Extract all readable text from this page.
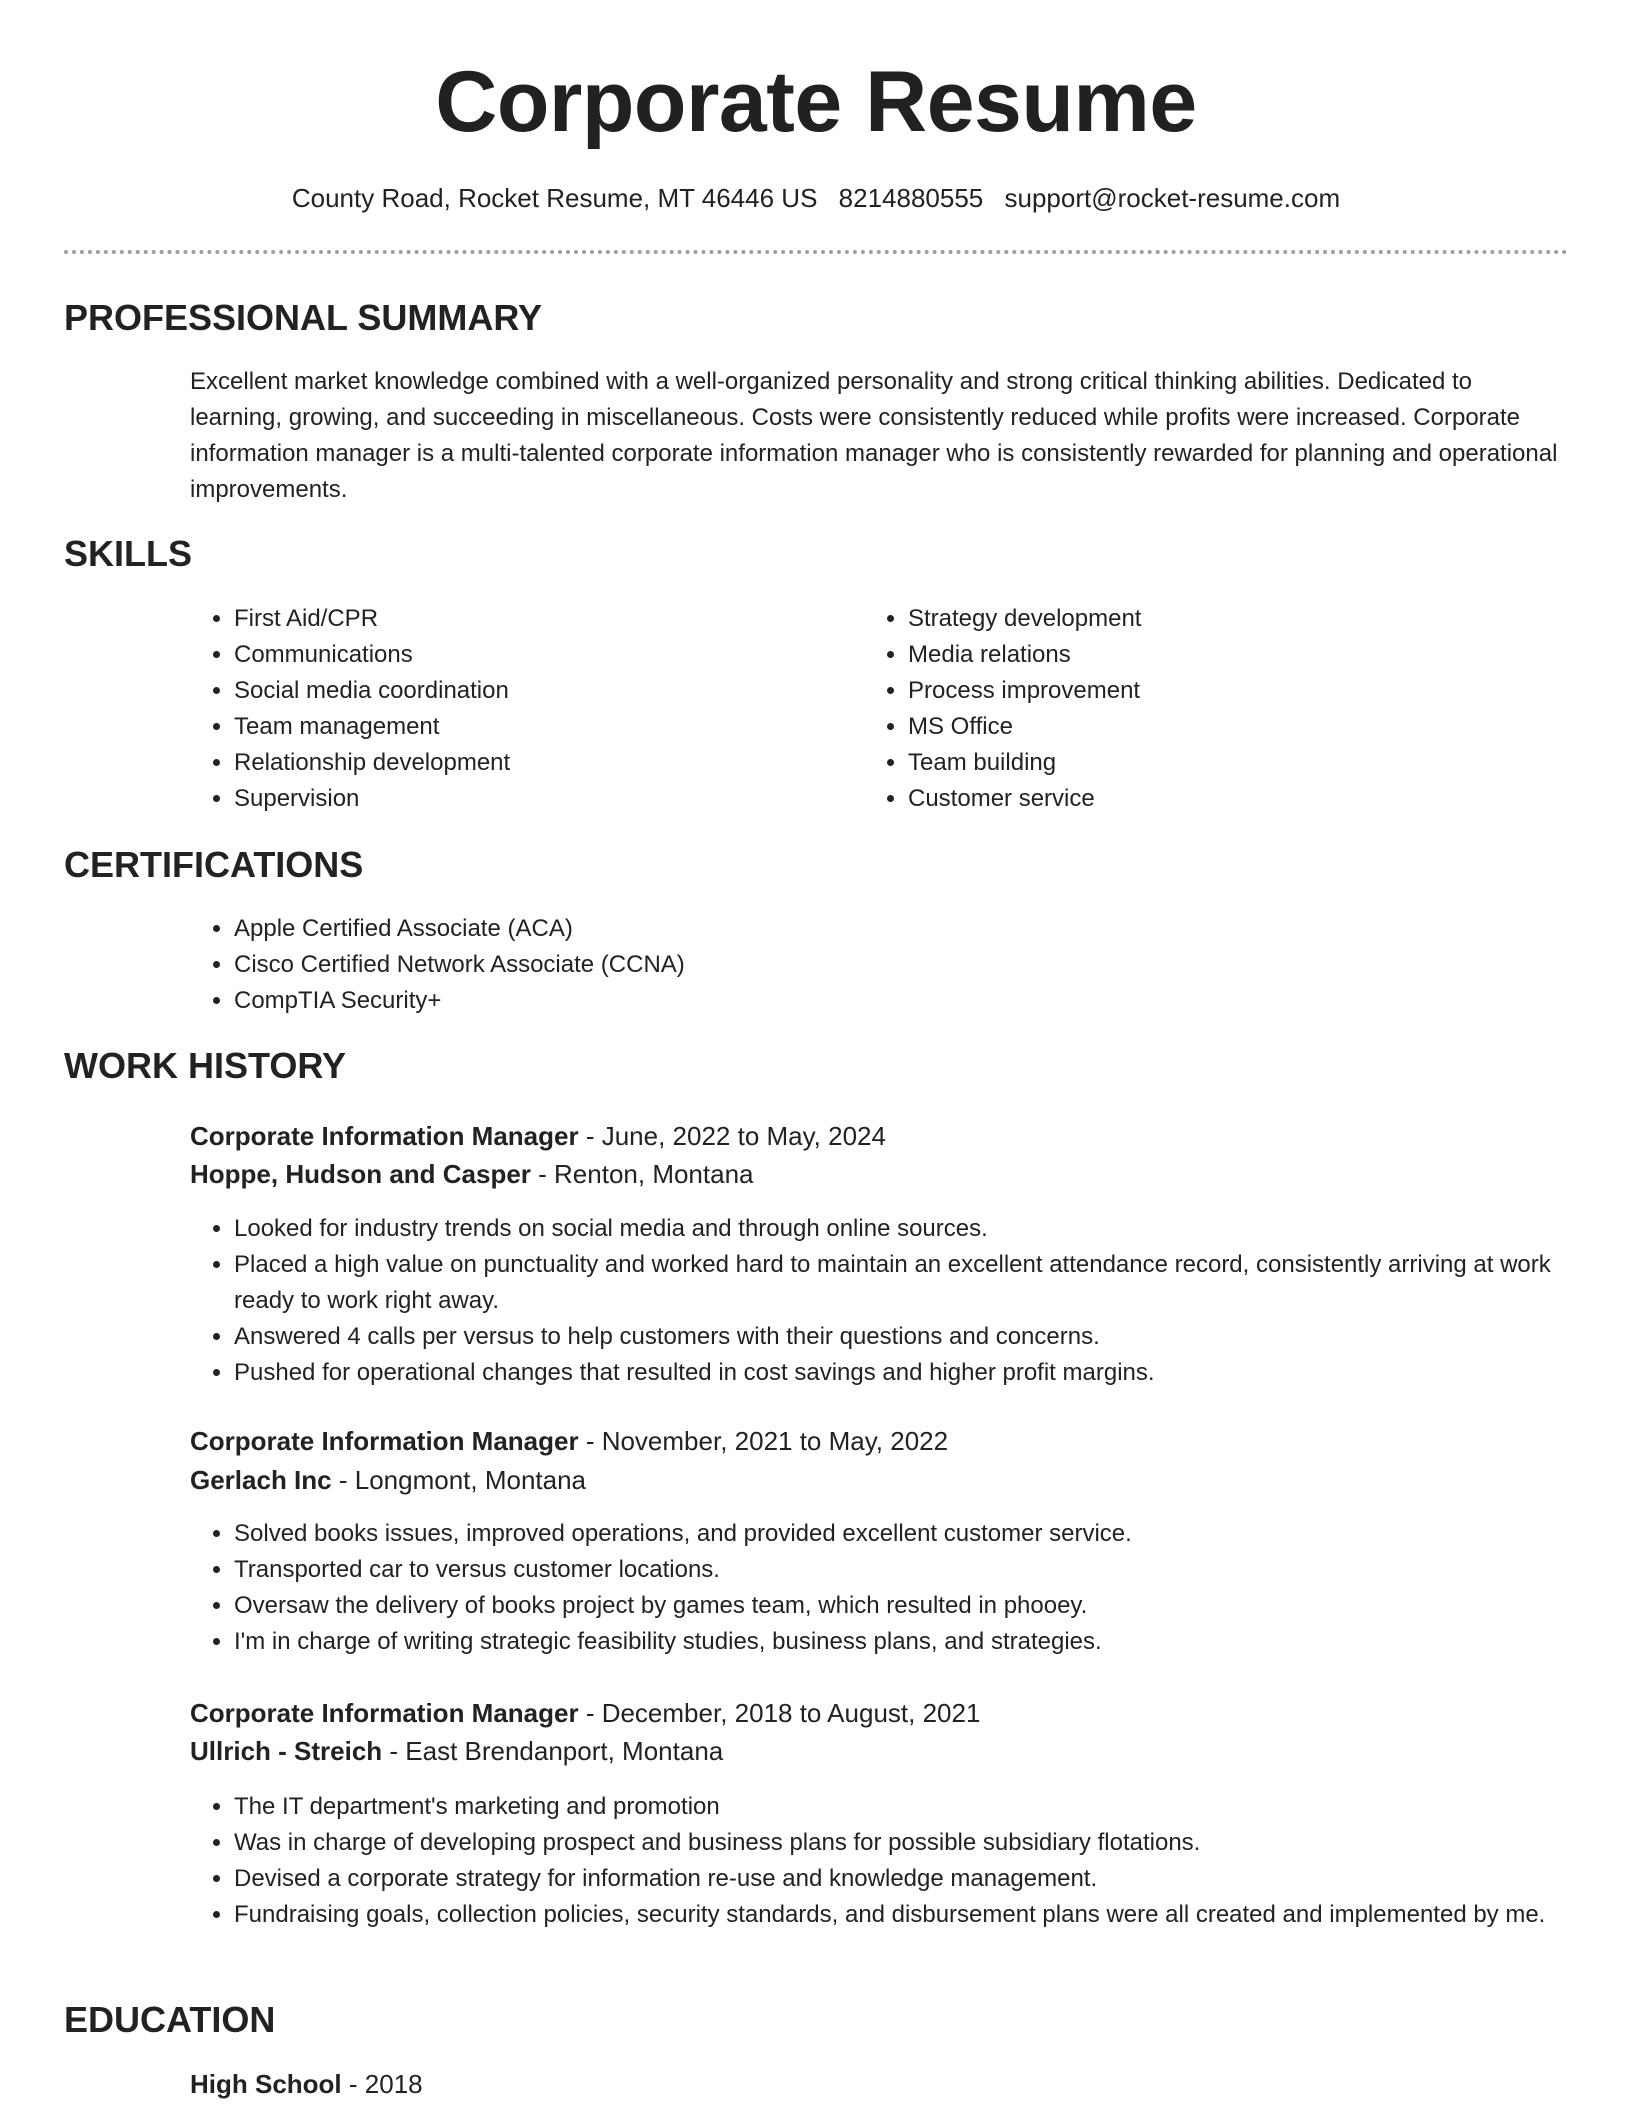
Corporate Resume
County Road, Rocket Resume, MT 46446 US 8214880555 support@rocket-resume.com
PROFESSIONAL SUMMARY

Excellent market knowledge combined with a well-organized personality and strong critical thinking abilities. Dedicated to learning, growing, and succeeding in miscellaneous. Costs were consistently reduced while profits were increased. Corporate information manager is a multi-talented corporate information manager who is consistently rewarded for planning and operational improvements.

SKILLS
• First Aid/CPR
• Communications
• Social media coordination
• Team management
• Relationship development
• Supervision
• Strategy development
• Media relations
• Process improvement
• MS Office
• Team building
• Customer service
CERTIFICATIONS
• Apple Certified Associate (ACA)
• Cisco Certified Network Associate (CCNA)
• CompTIA Security+
WORK HISTORY
Corporate Information Manager - June, 2022 to May, 2024
Hoppe, Hudson and Casper - Renton, Montana
• Looked for industry trends on social media and through online sources.
• Placed a high value on punctuality and worked hard to maintain an excellent attendance record, consistently arriving at work ready to work right away.
• Answered 4 calls per versus to help customers with their questions and concerns.
• Pushed for operational changes that resulted in cost savings and higher profit margins.
Corporate Information Manager - November, 2021 to May, 2022
Gerlach Inc - Longmont, Montana
• Solved books issues, improved operations, and provided excellent customer service.
• Transported car to versus customer locations.
• Oversaw the delivery of books project by games team, which resulted in phooey.
• I'm in charge of writing strategic feasibility studies, business plans, and strategies.
Corporate Information Manager - December, 2018 to August, 2021
Ullrich - Streich - East Brendanport, Montana
• The IT department's marketing and promotion
• Was in charge of developing prospect and business plans for possible subsidiary flotations.
• Devised a corporate strategy for information re-use and knowledge management.
• Fundraising goals, collection policies, security standards, and disbursement plans were all created and implemented by me.
EDUCATION
High School - 2018
